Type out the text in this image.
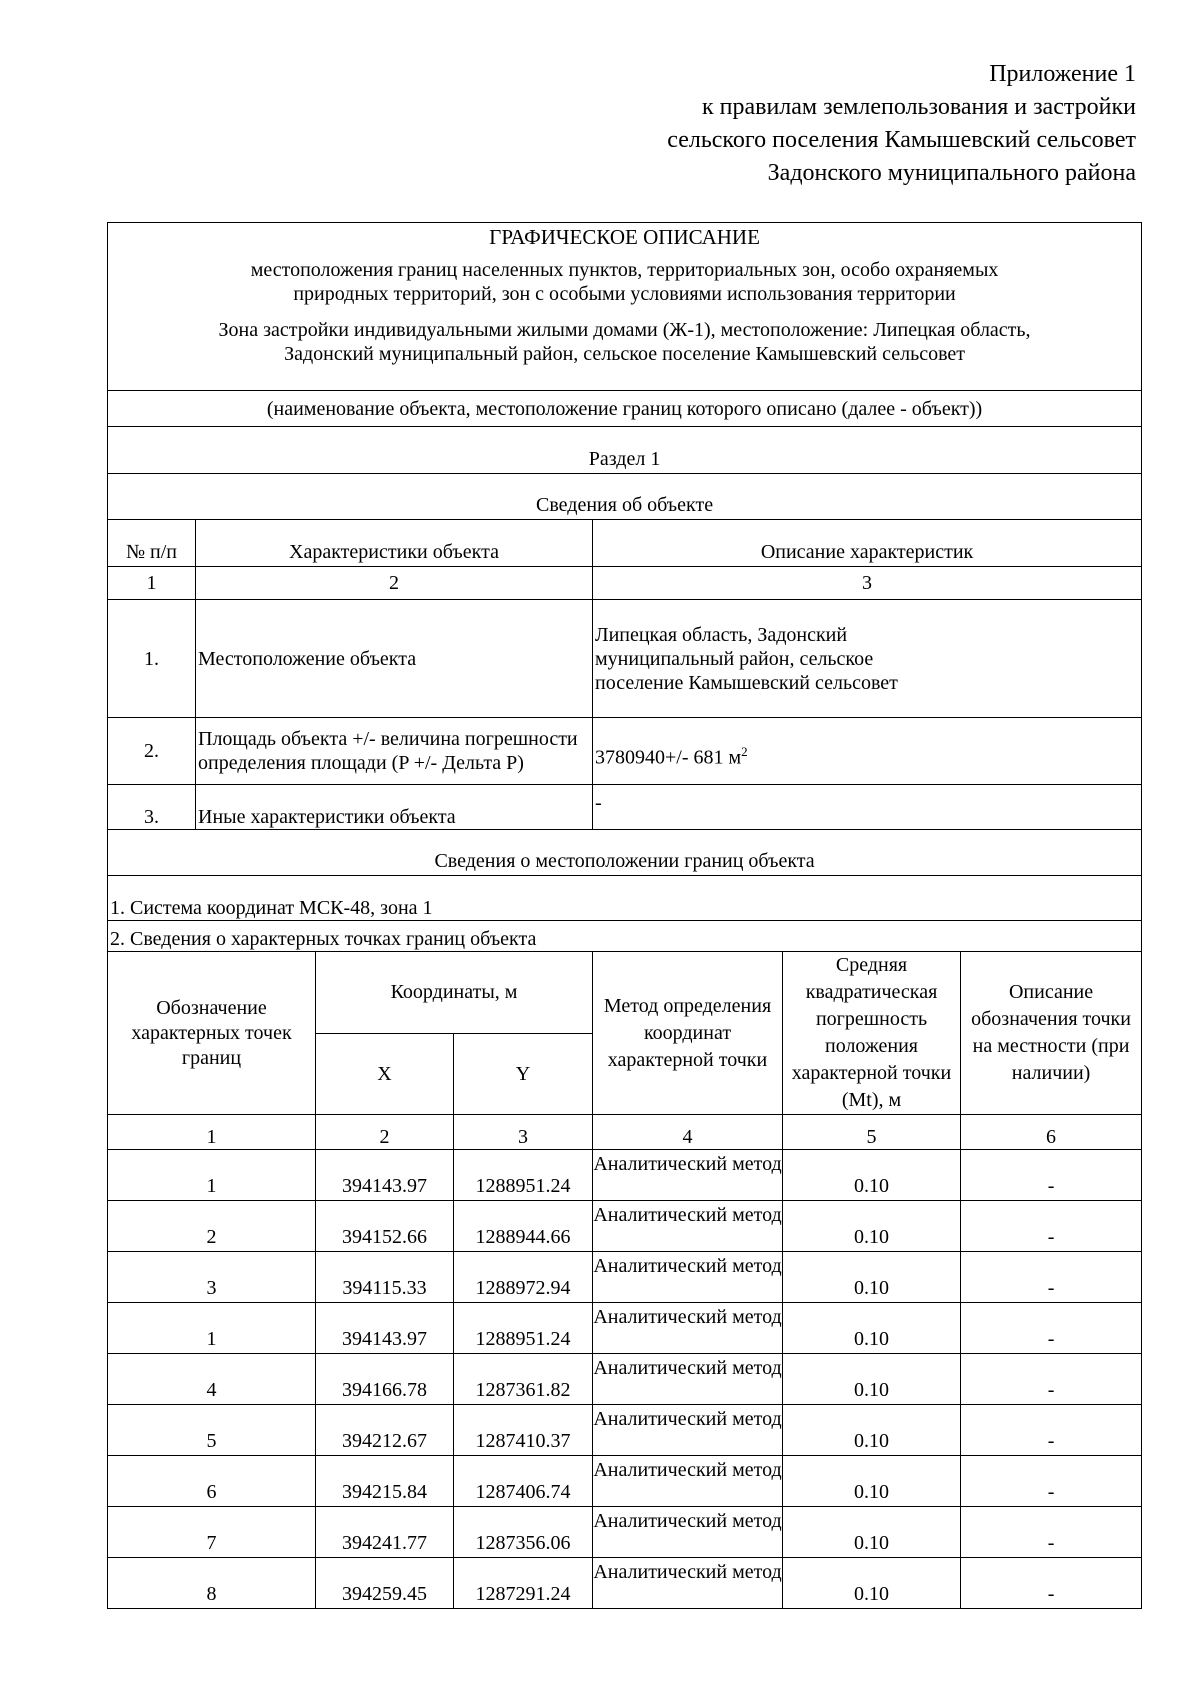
Приложение 1
к правилам землепользования и застройки
сельского поселения Камышевский сельсовет
Задонского муниципального района
ГРАФИЧЕСКОЕ ОПИСАНИЕ
местоположения границ населенных пунктов, территориальных зон, особо охраняемых
природных территорий, зон с особыми условиями использования территории
Зона застройки индивидуальными жилыми домами (Ж-1), местоположение: Липецкая область,
Задонский муниципальный район, сельское поселение Камышевский сельсовет						

(наименование объекта, местоположение границ которого описано (далее - объект))						
Раздел 1						
Сведения об объекте						
№ п/п	Характеристики объекта			Описание характеристик		
1	2			3		
1.	Местоположение объекта			Липецкая область, Задонский
муниципальный район, сельское
поселение Камышевский сельсовет		

2.	Площадь объекта +/- величина погрешности
определения площади (P +/- Дельта P)			3780940+/- 681 $м^2$
3.	Иные характеристики объекта			-		
Сведения о местоположении границ объекта						
1. Система координат МСК-48, зона 1						
2. Сведения о характерных точках границ объекта						
Обозначение характерных точек границ		Координаты, м		Метод определения координат характерной точки	Средняя квадратическая погрешность положения характерной точки (Mt), м	Описание обозначения точки на местности (при наличии)
		X	Y			
1		2	3	4	5	6
1		394143.97	1288951.24	Аналитический метод	0.10	-
2		394152.66	1288944.66	Аналитический метод	0.10	-
3		394115.33	1288972.94	Аналитический метод	0.10	-
1		394143.97	1288951.24	Аналитический метод	0.10	-
4		394166.78	1287361.82	Аналитический метод	0.10	-
5		394212.67	1287410.37	Аналитический метод	0.10	-
6		394215.84	1287406.74	Аналитический метод	0.10	-
7		394241.77	1287356.06	Аналитический метод	0.10	-
8		394259.45	1287291.24	Аналитический метод	0.10	-
